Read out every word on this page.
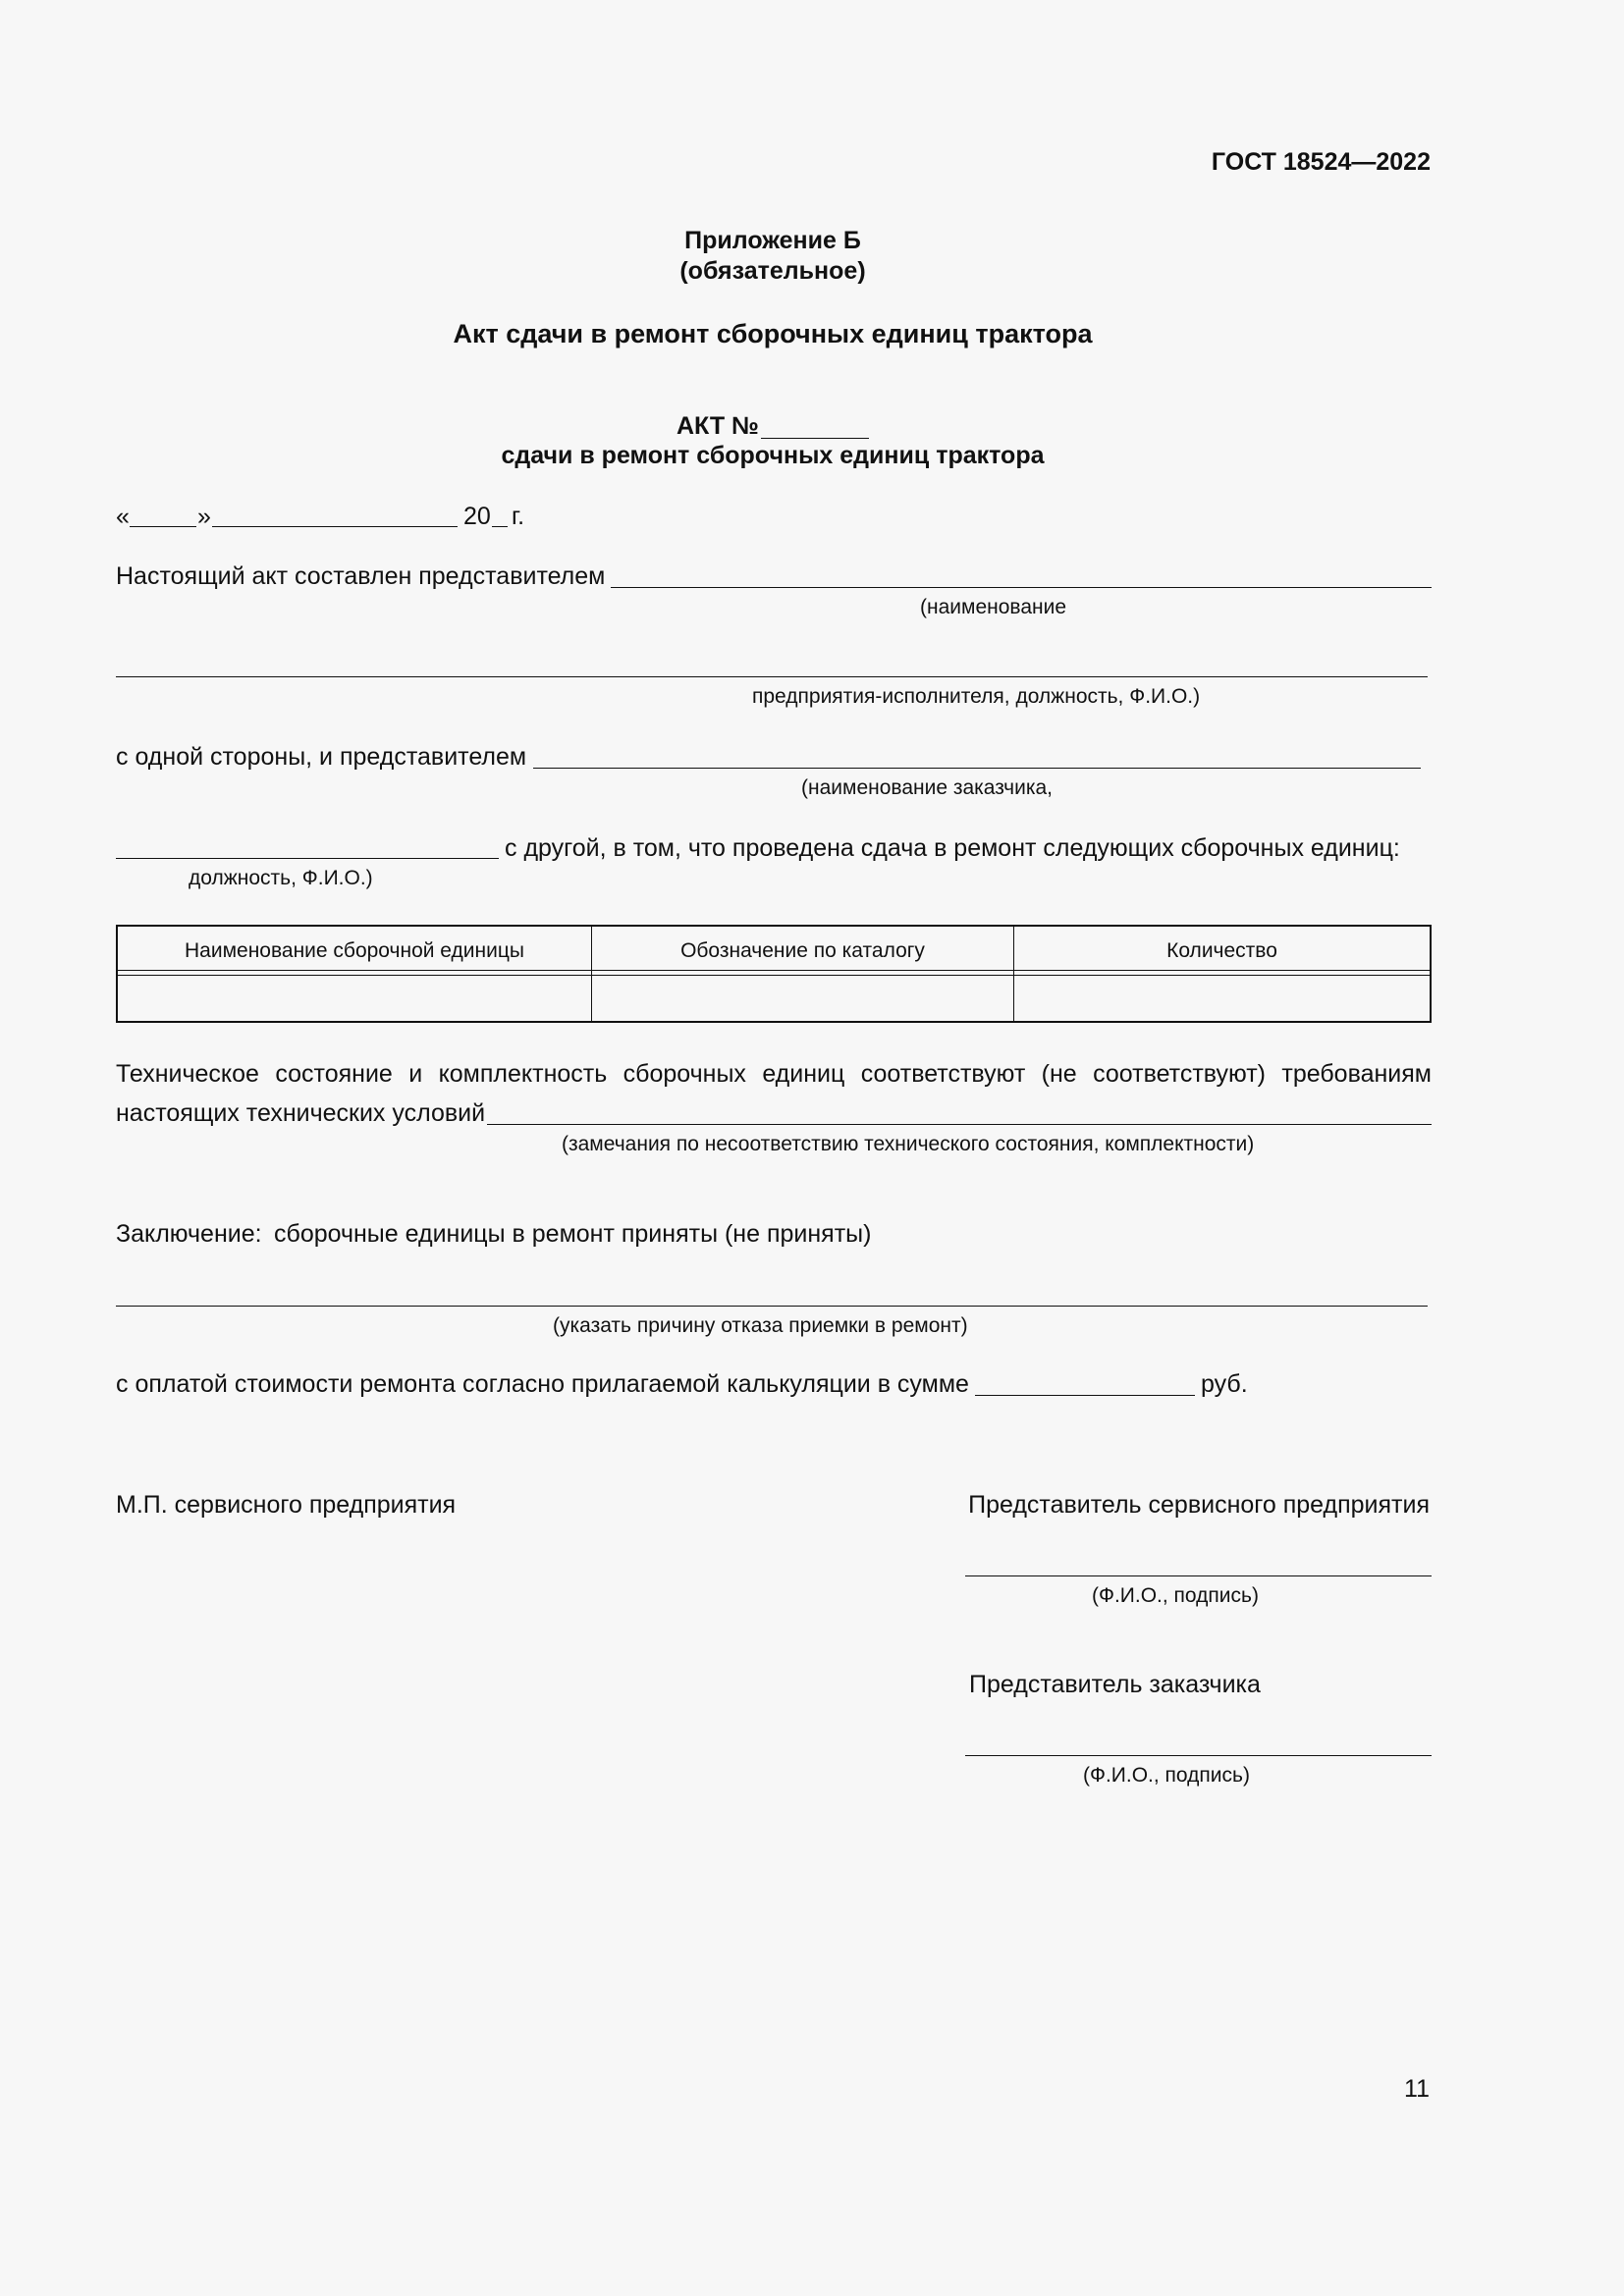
ГОСТ 18524—2022
Приложение Б
(обязательное)
Акт сдачи в ремонт сборочных единиц трактора
АКТ №
сдачи в ремонт сборочных единиц трактора
«	»	20 г.
Настоящий акт составлен представителем
(наименование
предприятия-исполнителя, должность, Ф.И.О.)
с одной стороны, и представителем
(наименование заказчика,
с другой, в том, что проведена сдача в ремонт следующих сборочных единиц:
должность, Ф.И.О.)
Наименование сборочной единицы	Обозначение по каталогу	Количество
Техническое состояние и комплектность сборочных единиц соответствуют (не соответствуют) требованиям
настоящих технических условий
(замечания по несоответствию технического состояния, комплектности)
Заключение: сборочные единицы в ремонт приняты (не приняты)
(указать причину отказа приемки в ремонт)
с оплатой стоимости ремонта согласно прилагаемой калькуляции в сумме	руб.
М.П. сервисного предприятия	Представитель сервисного предприятия
(Ф.И.О., подпись)
Представитель заказчика
(Ф.И.О., подпись)
11
